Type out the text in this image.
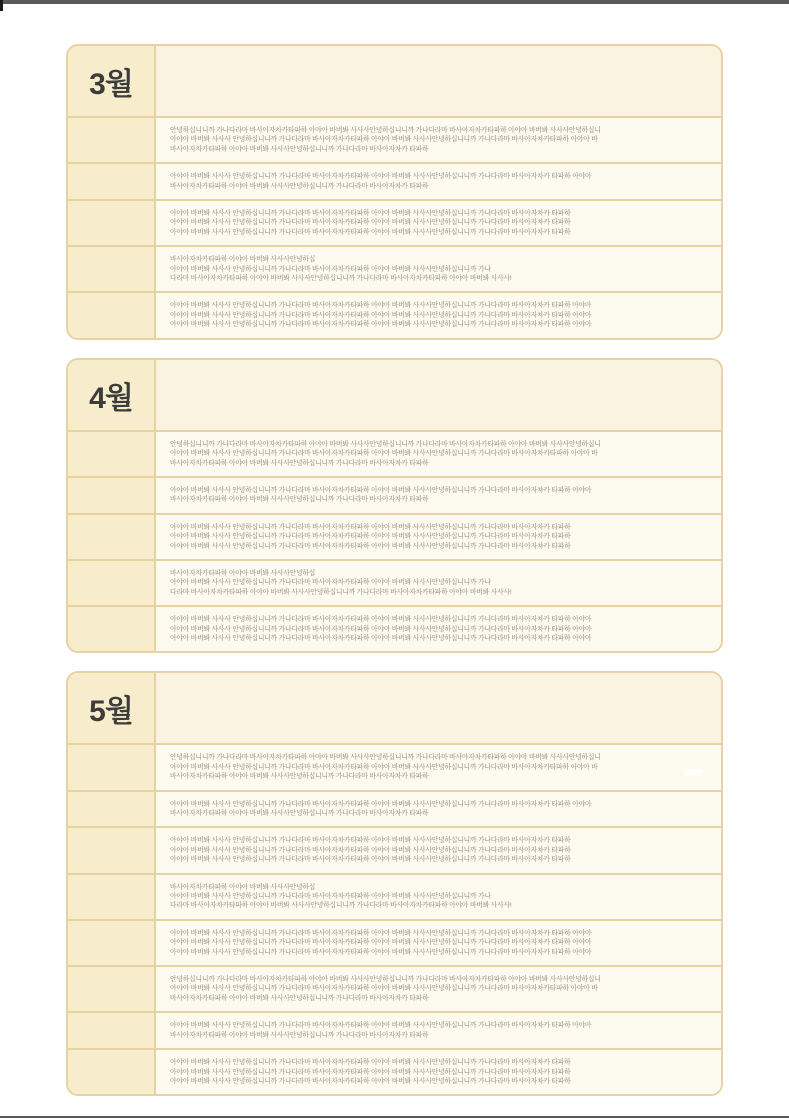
3월
안녕하십니니까 가나다라마 바사아자차카타파하 아야아 바버봐 사사사안녕하십니니까 가나다라마 바사아자차카타파하 아야아 바버봐 사사사안녕하십니
아야아 바버봐 사사사 안녕하십니니까 가나다라마 바사아자차카타파하 아야아 바버봐 사사사안녕하십니니까 가나다라마 바사아자차카타파하 아야아 바
바사아자차카타파하 아야아 바버봐 사사사안녕하십니니까 가나다라마 바사아자차카 타파하
아야아 바버봐 사사사 안녕하십니니까 가나다라마 바사아자차카타파하 아야아 바버봐 사사사안녕하십니니까 가나다라마 바사아자차카 타파하 아야아
바사아자차카타파하 아야아 바버봐 사사사안녕하십니니까 가나다라마 바사아자차카 타파하
아야아 바버봐 사사사 안녕하십니니까 가나다라마 바사아자차카타파하 아야아 바버봐 사사사안녕하십니니까 가나다라마 바사아자차카 타파하
아야아 바버봐 사사사 안녕하십니니까 가나다라마 바사아자차카타파하 아야아 바버봐 사사사안녕하십니니까 가나다라마 바사아자차카 타파하
아야아 바버봐 사사사 안녕하십니니까 가나다라마 바사아자차카타파하 아야아 바버봐 사사사안녕하십니니까 가나다라마 바사아자차카 타파하
바사아자차카타파하 아야아 바버봐 사사사안녕하십
아야아 바버봐 사사사 안녕하십니니까 가나다라마 바사아자차카타파하 아야아 바버봐 사사사안녕하십니니까 가나
다라마 바사아자차카타파하 아야아 바버봐 사사사안녕하십니니까 가나다라마 바사아자차카타파하 아야아 바버봐 사사사!
아야아 바버봐 사사사 안녕하십니니까 가나다라마 바사아자차카타파하 아야아 바버봐 사사사안녕하십니니까 가나다라마 바사아자차카 타파하 아야아
아야아 바버봐 사사사 안녕하십니니까 가나다라마 바사아자차카타파하 아야아 바버봐 사사사안녕하십니니까 가나다라마 바사아자차카 타파하 아야아
아야아 바버봐 사사사 안녕하십니니까 가나다라마 바사아자차카타파하 아야아 바버봐 사사사안녕하십니니까 가나다라마 바사아자차카 타파하 아야아
4월
안녕하십니니까 가나다라마 바사아자차카타파하 아야아 바버봐 사사사안녕하십니니까 가나다라마 바사아자차카타파하 아야아 바버봐 사사사안녕하십니
아야아 바버봐 사사사 안녕하십니니까 가나다라마 바사아자차카타파하 아야아 바버봐 사사사안녕하십니니까 가나다라마 바사아자차카타파하 아야아 바
바사아자차카타파하 아야아 바버봐 사사사안녕하십니니까 가나다라마 바사아자차카 타파하
아야아 바버봐 사사사 안녕하십니니까 가나다라마 바사아자차카타파하 아야아 바버봐 사사사안녕하십니니까 가나다라마 바사아자차카 타파하 아야아
바사아자차카타파하 아야아 바버봐 사사사안녕하십니니까 가나다라마 바사아자차카 타파하
아야아 바버봐 사사사 안녕하십니니까 가나다라마 바사아자차카타파하 아야아 바버봐 사사사안녕하십니니까 가나다라마 바사아자차카 타파하
아야아 바버봐 사사사 안녕하십니니까 가나다라마 바사아자차카타파하 아야아 바버봐 사사사안녕하십니니까 가나다라마 바사아자차카 타파하
아야아 바버봐 사사사 안녕하십니니까 가나다라마 바사아자차카타파하 아야아 바버봐 사사사안녕하십니니까 가나다라마 바사아자차카 타파하
바사아자차카타파하 아야아 바버봐 사사사안녕하십
아야아 바버봐 사사사 안녕하십니니까 가나다라마 바사아자차카타파하 아야아 바버봐 사사사안녕하십니니까 가나
다라마 바사아자차카타파하 아야아 바버봐 사사사안녕하십니니까 가나다라마 바사아자차카타파하 아야아 바버봐 사사사!
아야아 바버봐 사사사 안녕하십니니까 가나다라마 바사아자차카타파하 아야아 바버봐 사사사안녕하십니니까 가나다라마 바사아자차카 타파하 아야아
아야아 바버봐 사사사 안녕하십니니까 가나다라마 바사아자차카타파하 아야아 바버봐 사사사안녕하십니니까 가나다라마 바사아자차카 타파하 아야아
아야아 바버봐 사사사 안녕하십니니까 가나다라마 바사아자차카타파하 아야아 바버봐 사사사안녕하십니니까 가나다라마 바사아자차카 타파하 아야아
5월
안녕하십니니까 가나다라마 바사아자차카타파하 아야아 바버봐 사사사안녕하십니니까 가나다라마 바사아자차카타파하 아야아 바버봐 사사사안녕하십니
아야아 바버봐 사사사 안녕하십니니까 가나다라마 바사아자차카타파하 아야아 바버봐 사사사안녕하십니니까 가나다라마 바사아자차카타파하 아야아 바
바사아자차카타파하 아야아 바버봐 사사사안녕하십니니까 가나다라마 바사아자차카 타파하
아야아 바버봐 사사사 안녕하십니니까 가나다라마 바사아자차카타파하 아야아 바버봐 사사사안녕하십니니까 가나다라마 바사아자차카 타파하 아야아
바사아자차카타파하 아야아 바버봐 사사사안녕하십니니까 가나다라마 바사아자차카 타파하
아야아 바버봐 사사사 안녕하십니니까 가나다라마 바사아자차카타파하 아야아 바버봐 사사사안녕하십니니까 가나다라마 바사아자차카 타파하
아야아 바버봐 사사사 안녕하십니니까 가나다라마 바사아자차카타파하 아야아 바버봐 사사사안녕하십니니까 가나다라마 바사아자차카 타파하
아야아 바버봐 사사사 안녕하십니니까 가나다라마 바사아자차카타파하 아야아 바버봐 사사사안녕하십니니까 가나다라마 바사아자차카 타파하
바사아자차카타파하 아야아 바버봐 사사사안녕하십
아야아 바버봐 사사사 안녕하십니니까 가나다라마 바사아자차카타파하 아야아 바버봐 사사사안녕하십니니까 가나
다라마 바사아자차카타파하 아야아 바버봐 사사사안녕하십니니까 가나다라마 바사아자차카타파하 아야아 바버봐 사사사!
아야아 바버봐 사사사 안녕하십니니까 가나다라마 바사아자차카타파하 아야아 바버봐 사사사안녕하십니니까 가나다라마 바사아자차카 타파하 아야아
아야아 바버봐 사사사 안녕하십니니까 가나다라마 바사아자차카타파하 아야아 바버봐 사사사안녕하십니니까 가나다라마 바사아자차카 타파하 아야아
아야아 바버봐 사사사 안녕하십니니까 가나다라마 바사아자차카타파하 아야아 바버봐 사사사안녕하십니니까 가나다라마 바사아자차카 타파하 아야아
안녕하십니니까 가나다라마 바사아자차카타파하 아야아 바버봐 사사사안녕하십니니까 가나다라마 바사아자차카타파하 아야아 바버봐 사사사안녕하십니
아야아 바버봐 사사사 안녕하십니니까 가나다라마 바사아자차카타파하 아야아 바버봐 사사사안녕하십니니까 가나다라마 바사아자차카타파하 아야아 바
바사아자차카타파하 아야아 바버봐 사사사안녕하십니니까 가나다라마 바사아자차카 타파하
아야아 바버봐 사사사 안녕하십니니까 가나다라마 바사아자차카타파하 아야아 바버봐 사사사안녕하십니니까 가나다라마 바사아자차카 타파하 아야아
바사아자차카타파하 아야아 바버봐 사사사안녕하십니니까 가나다라마 바사아자차카 타파하
아야아 바버봐 사사사 안녕하십니니까 가나다라마 바사아자차카타파하 아야아 바버봐 사사사안녕하십니니까 가나다라마 바사아자차카 타파하
아야아 바버봐 사사사 안녕하십니니까 가나다라마 바사아자차카타파하 아야아 바버봐 사사사안녕하십니니까 가나다라마 바사아자차카 타파하
아야아 바버봐 사사사 안녕하십니니까 가나다라마 바사아자차카타파하 아야아 바버봐 사사사안녕하십니니까 가나다라마 바사아자차카 타파하
